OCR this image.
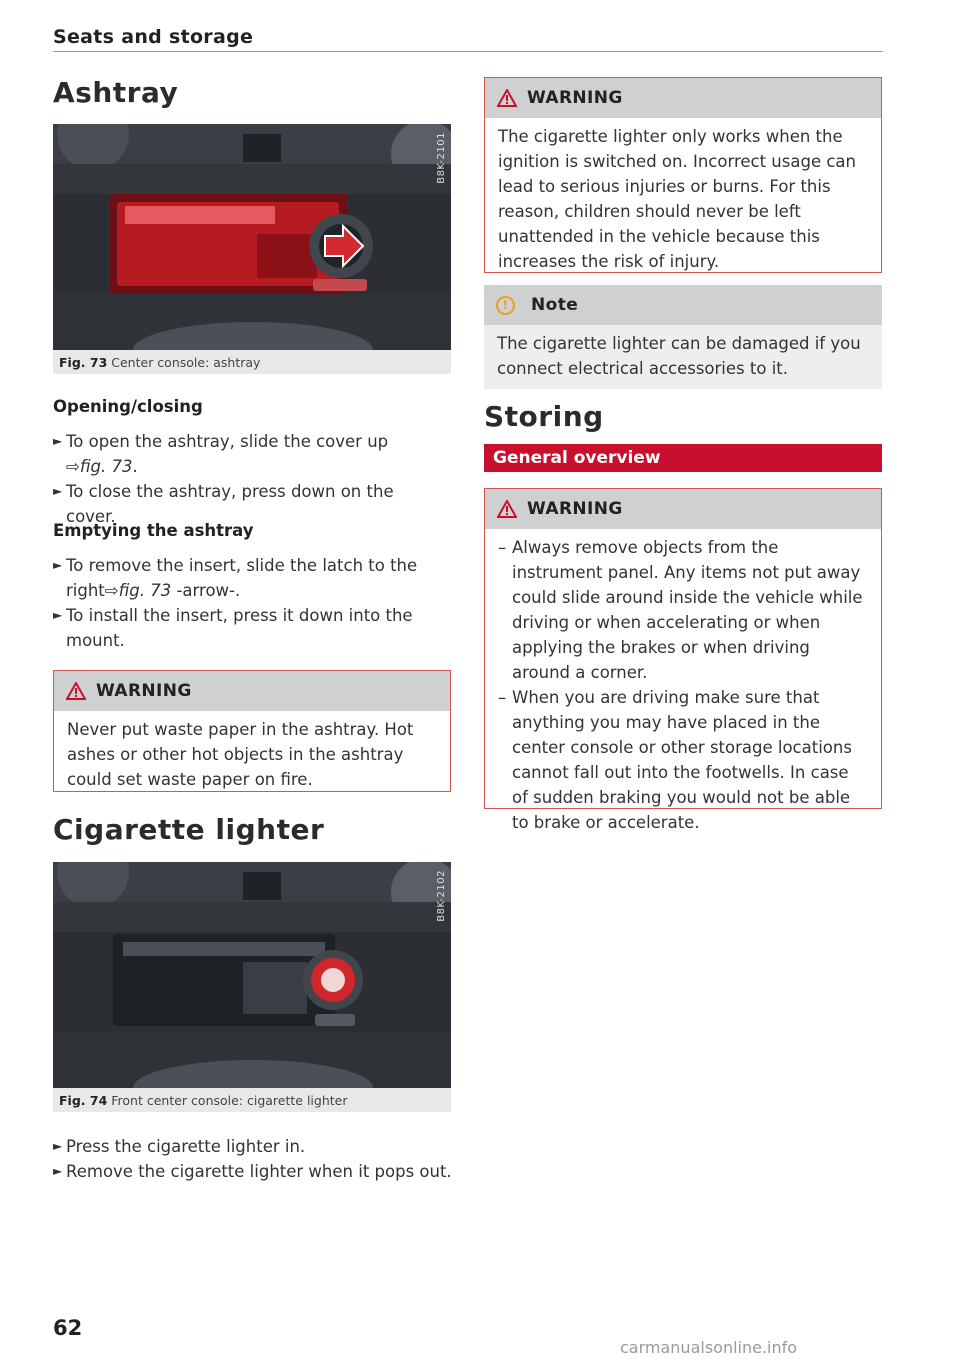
Seats and storage
Ashtray
B8K-2101
Fig. 73 Center console: ashtray
Opening/closing
► To open the ashtray, slide the cover up
⇨fig. 73.
► To close the ashtray, press down on the cover.
Emptying the ashtray
► To remove the insert, slide the latch to the right⇨fig. 73 -arrow-.
► To install the insert, press it down into the mount.
WARNING
Never put waste paper in the ashtray. Hot ashes or other hot objects in the ashtray could set waste paper on fire.
Cigarette lighter
B8K-2102
Fig. 74 Front center console: cigarette lighter
► Press the cigarette lighter in.
► Remove the cigarette lighter when it pops out.
WARNING
The cigarette lighter only works when the ignition is switched on. Incorrect usage can lead to serious injuries or burns. For this reason, children should never be left unattended in the vehicle because this increases the risk of injury.
!	Note
The cigarette lighter can be damaged if you connect electrical accessories to it.
Storing
General overview
WARNING
– Always remove objects from the instrument panel. Any items not put away could slide around inside the vehicle while driving or when accelerating or when applying the brakes or when driving around a corner.
– When you are driving make sure that anything you may have placed in the center console or other storage locations cannot fall out into the footwells. In case of sudden braking you would not be able to brake or accelerate.
62
carmanualsonline.info
